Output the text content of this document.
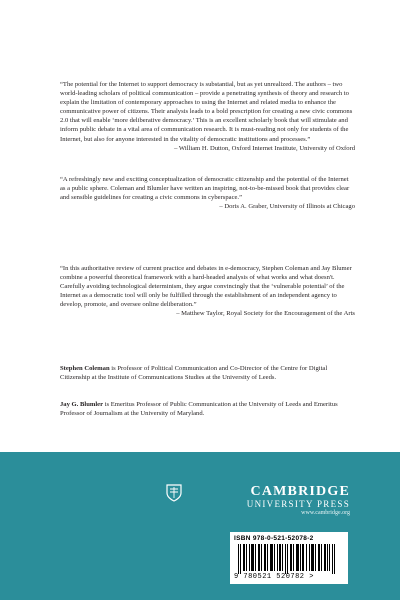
“The potential for the Internet to support democracy is substantial, but as yet unrealized. The authors – two world-leading scholars of political communication – provide a penetrating synthesis of theory and research to explain the limitation of contemporary approaches to using the Internet and related media to enhance the communicative power of citizens. Their analysis leads to a bold prescription for creating a new civic commons 2.0 that will enable ‘more deliberative democracy.’ This is an excellent scholarly book that will stimulate and inform public debate in a vital area of communication research. It is must-reading not only for students of the Internet, but also for anyone interested in the vitality of democratic institutions and processes.”

– William H. Dutton, Oxford Internet Institute, University of Oxford

“A refreshingly new and exciting conceptualization of democratic citizenship and the potential of the Internet as a public sphere. Coleman and Blumler have written an inspiring, not-to-be-missed book that provides clear and sensible guidelines for creating a civic commons in cyberspace.”

– Doris A. Graber, University of Illinois at Chicago

“In this authoritative review of current practice and debates in e-democracy, Stephen Coleman and Jay Blumer combine a powerful theoretical framework with a hard-headed analysis of what works and what doesn't. Carefully avoiding technological determinism, they argue convincingly that the ‘vulnerable potential’ of the Internet as a democratic tool will only be fulfilled through the establishment of an independent agency to develop, promote, and oversee online deliberation.”

– Matthew Taylor, Royal Society for the Encouragement of the Arts

Stephen Coleman is Professor of Political Communication and Co-Director of the Centre for Digital Citizenship at the Institute of Communications Studies at the University of Leeds.

Jay G. Blumler is Emeritus Professor of Public Communication at the University of Leeds and Emeritus Professor of Journalism at the University of Maryland.

CAMBRIDGE
UNIVERSITY PRESS
www.cambridge.org
ISBN 978-0-521-52078-2
9 780521 520782 >
